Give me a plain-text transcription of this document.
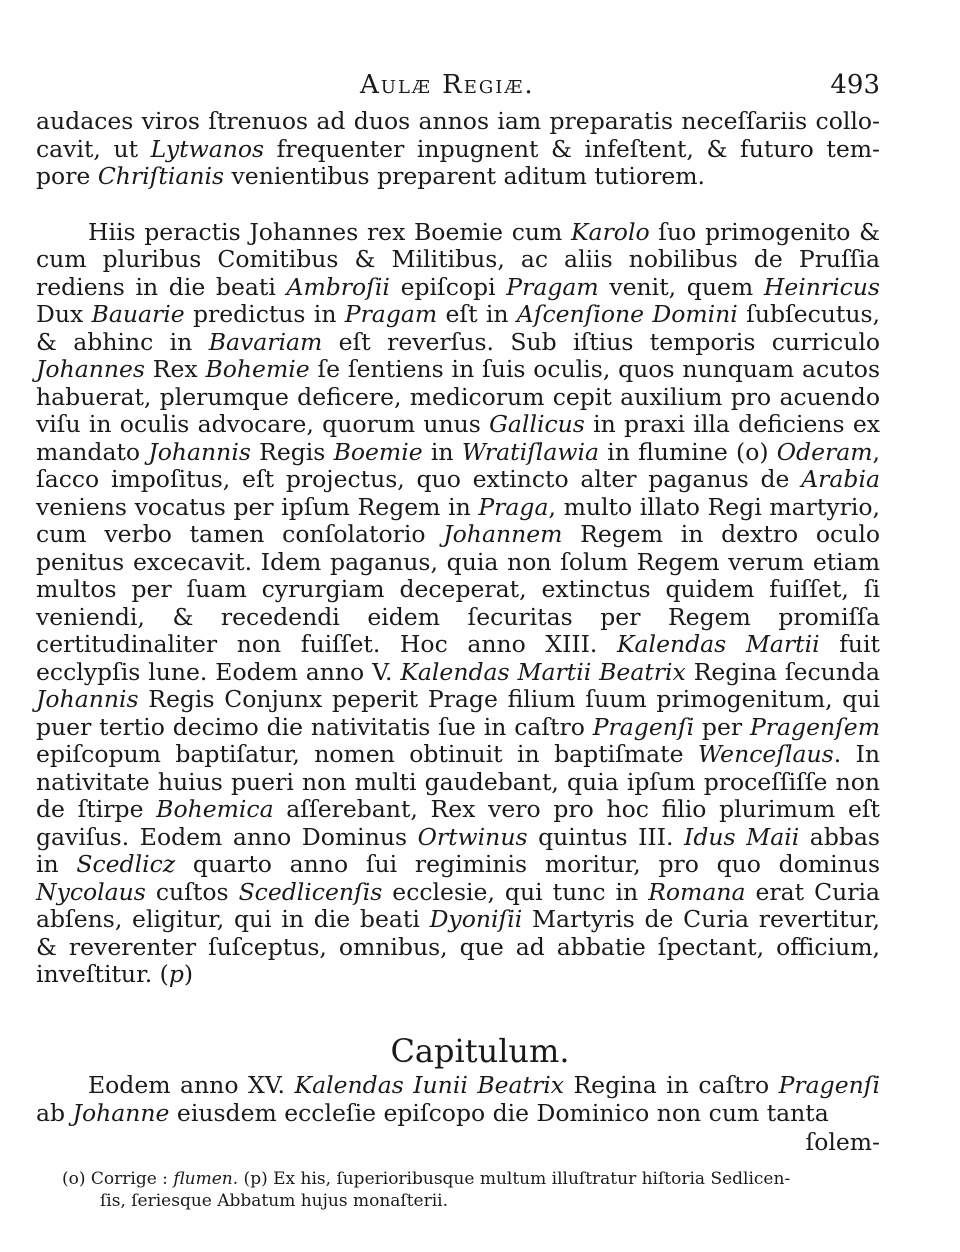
Aulæ Regiæ.	493

audaces viros ſtrenuos ad duos annos iam preparatis neceſſariis collo-cavit, ut Lytwanos frequenter inpugnent & infeſtent, & futuro tem-pore Chriſtianis venientibus preparent aditum tutiorem.

Hiis peractis Johannes rex Boemie cum Karolo ſuo primogenito & cum pluribus Comitibus & Militibus, ac aliis nobilibus de Pruſſia rediens in die beati Ambroſii epiſcopi Pragam venit, quem Heinricus Dux Bauarie predictus in Pragam eſt in Aſcenſione Domini ſubſecutus, & abhinc in Bavariam eſt reverſus. Sub iſtius temporis curriculo Johannes Rex Bohemie ſe ſentiens in ſuis oculis, quos nunquam acutos habuerat, plerumque deficere, medicorum cepit auxilium pro acuendo viſu in oculis advocare, quorum unus Gallicus in praxi illa deficiens ex mandato Johannis Regis Boemie in Wratiſlawia in flumine (o) Oderam, ſacco impoſitus, eſt projectus, quo extincto alter paganus de Arabia veniens vocatus per ipſum Regem in Praga, multo illato Regi martyrio, cum verbo tamen conſolatorio Johannem Regem in dextro oculo penitus excecavit. Idem paganus, quia non ſolum Regem verum etiam multos per ſuam cyrurgiam deceperat, extinctus quidem fuiſſet, ſi veniendi, & recedendi eidem ſecuritas per Regem promiſſa certitudinaliter non fuiſſet. Hoc anno XIII. Kalendas Martii fuit ecclypſis lune. Eodem anno V. Kalendas Martii Beatrix Regina ſecunda Johannis Regis Conjunx peperit Prage filium ſuum primogenitum, qui puer tertio decimo die nativitatis ſue in caſtro Pragenſi per Pragenſem epiſcopum baptiſatur, nomen obtinuit in baptiſmate Wenceſlaus. In nativitate huius pueri non multi gaudebant, quia ipſum proceſſiſſe non de ſtirpe Bohemica aſſerebant, Rex vero pro hoc filio plurimum eſt gaviſus. Eodem anno Dominus Ortwinus quintus III. Idus Maii abbas in Scedlicz quarto anno ſui regiminis moritur, pro quo dominus Nycolaus cuſtos Scedlicenſis ecclesie, qui tunc in Romana erat Curia abſens, eligitur, qui in die beati Dyoniſii Martyris de Curia revertitur, & reverenter ſuſceptus, omnibus, que ad abbatie ſpectant, officium, inveſtitur. (p)

Capitulum.
Eodem anno XV. Kalendas Iunii Beatrix Regina in caſtro Pragenſi ab Johanne eiusdem eccleſie epiſcopo die Dominico non cum tanta
ſolem-

(o) Corrige : flumen. (p) Ex his, ſuperioribusque multum illuſtratur hiſtoria Sedlicen-

ſis, ſeriesque Abbatum hujus monaſterii.
